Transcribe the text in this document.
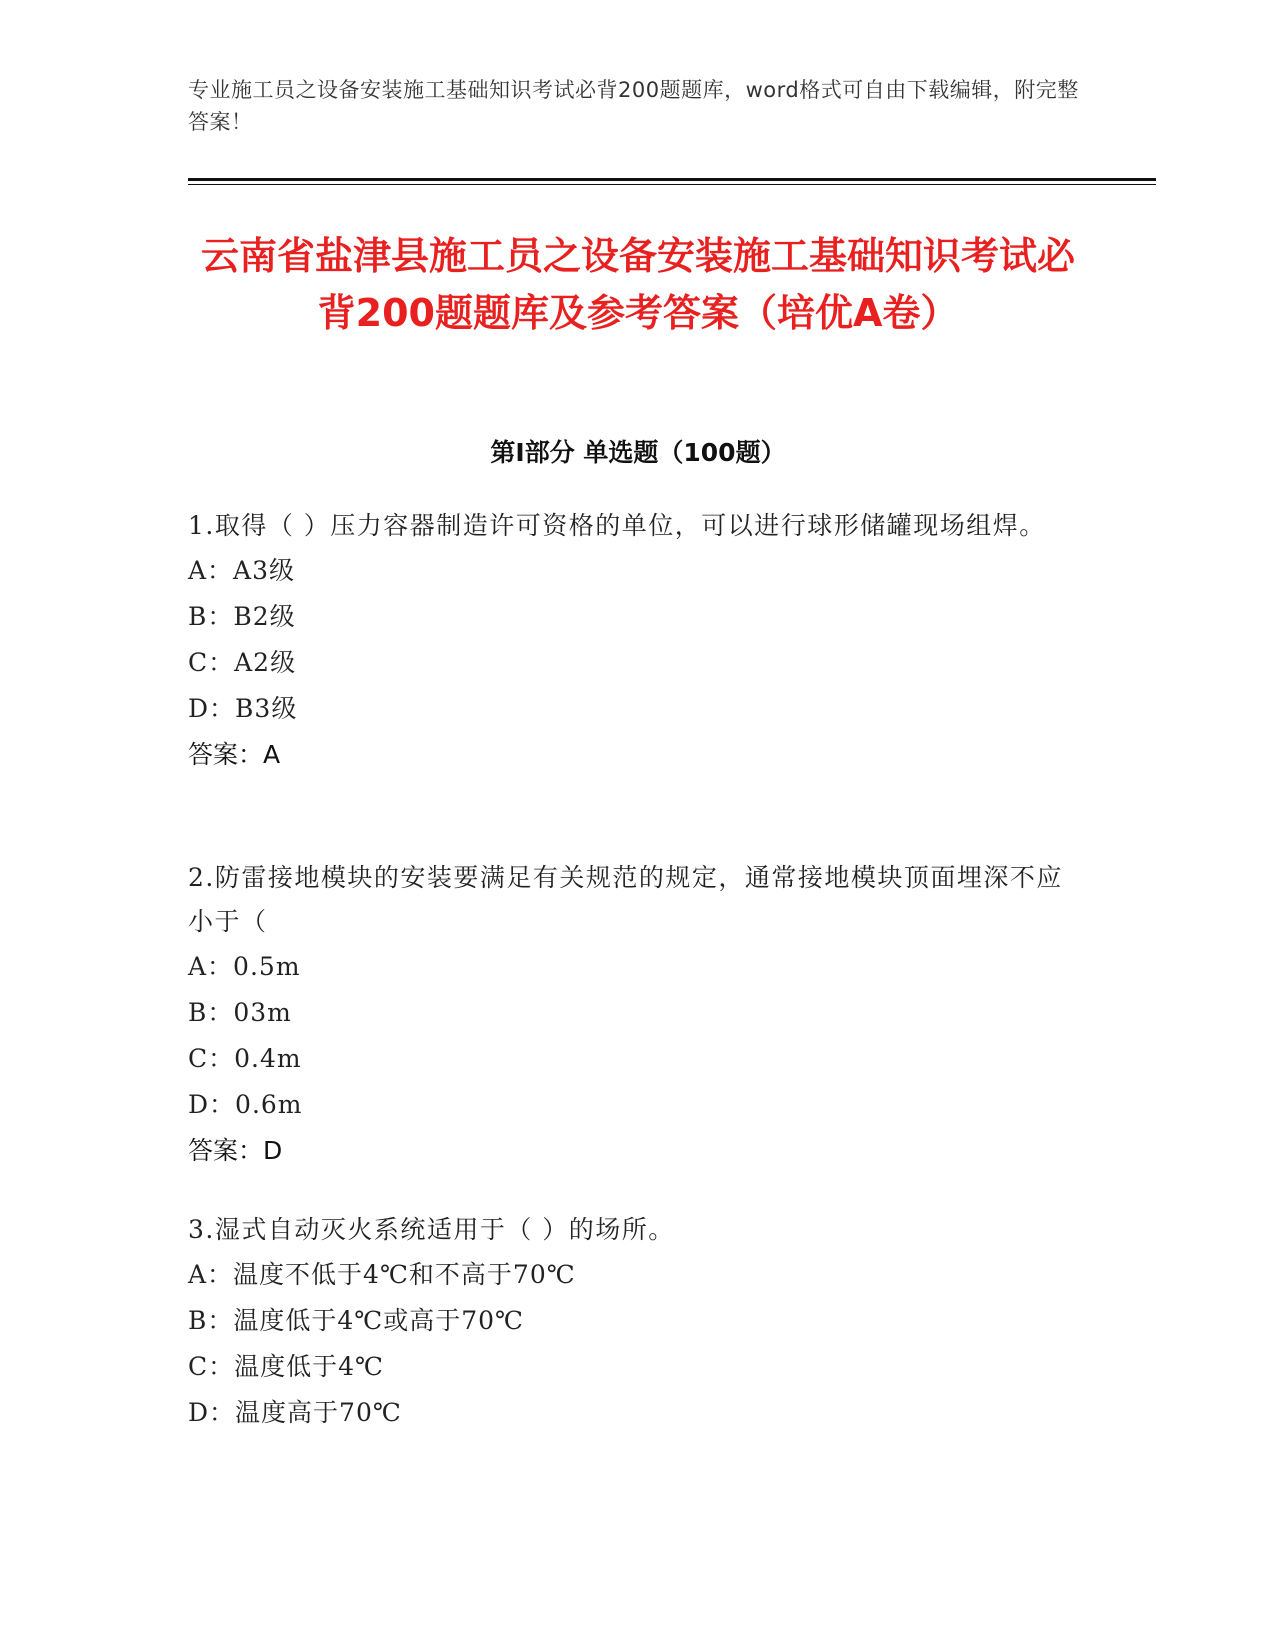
专业施工员之设备安装施工基础知识考试必背200题题库，word格式可自由下载编辑，附完整答案！
云南省盐津县施工员之设备安装施工基础知识考试必背200题题库及参考答案（培优A卷）
第I部分 单选题（100题）
1.取得（ ）压力容器制造许可资格的单位，可以进行球形储罐现场组焊。
A：A3级
B：B2级
C：A2级
D：B3级
答案：A
2.防雷接地模块的安装要满足有关规范的规定，通常接地模块顶面埋深不应小于（
A：0.5m
B：03m
C：0.4m
D：0.6m
答案：D
3.湿式自动灭火系统适用于（ ）的场所。
A：温度不低于4℃和不高于70℃
B：温度低于4℃或高于70℃
C：温度低于4℃
D：温度高于70℃
